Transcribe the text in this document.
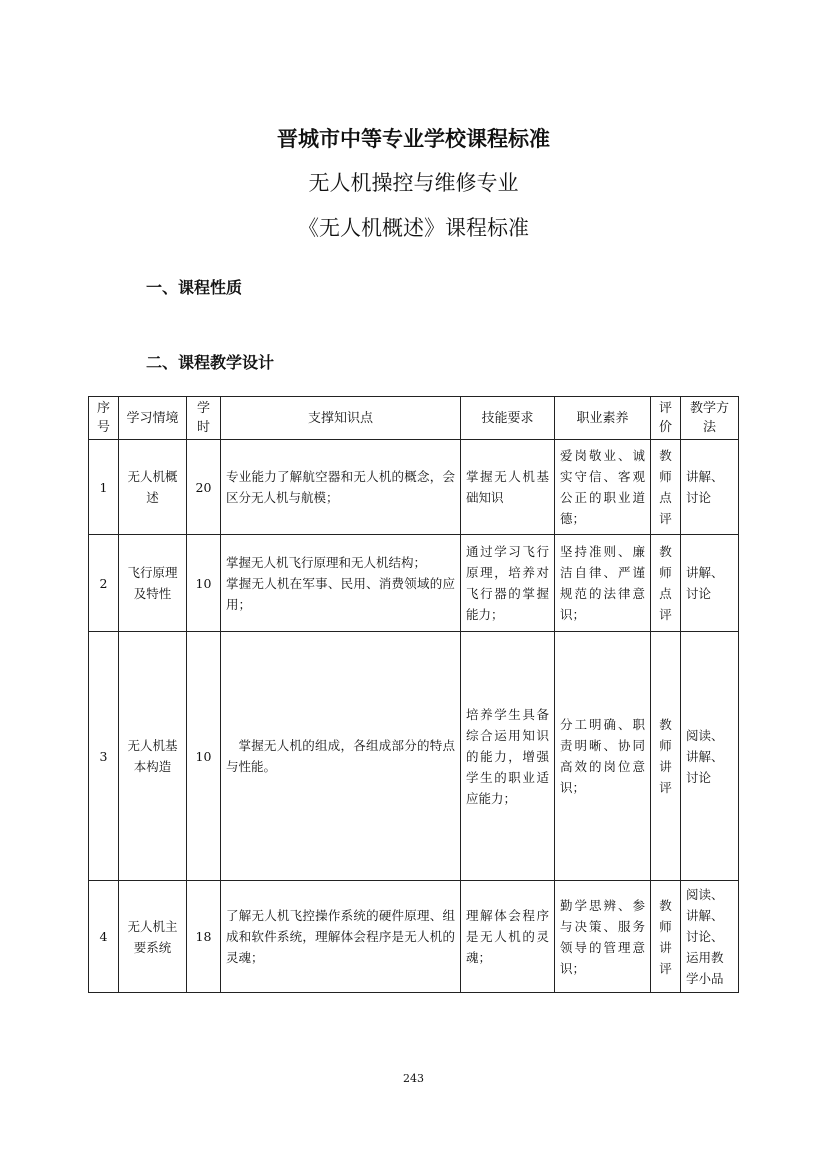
晋城市中等专业学校课程标准
无人机操控与维修专业
《无人机概述》课程标准
一、课程性质
二、课程教学设计
序号	学习情境	学时	支撑知识点	技能要求	职业素养	评价	教学方法
1	无人机概述	20	专业能力了解航空器和无人机的概念，会区分无人机与航模；	掌握无人机基础知识	爱岗敬业、诚实守信、客观公正的职业道德；	教师点评	讲解、讨论
2	飞行原理及特性	10	掌握无人机飞行原理和无人机结构；
掌握无人机在军事、民用、消费领域的应用；	通过学习飞行原理，培养对飞行器的掌握能力；	坚持准则、廉洁自律、严谨规范的法律意识；	教师点评	讲解、讨论
3	无人机基本构造	10	掌握无人机的组成，各组成部分的特点与性能。	培养学生具备综合运用知识的能力，增强学生的职业适应能力；	分工明确、职责明晰、协同高效的岗位意识；	教师讲评	阅读、讲解、讨论
4	无人机主要系统	18	了解无人机飞控操作系统的硬件原理、组成和软件系统，理解体会程序是无人机的灵魂；	理解体会程序是无人机的灵魂；	勤学思辨、参与决策、服务领导的管理意识；	教师讲评	阅读、讲解、讨论、运用教学小品
243
